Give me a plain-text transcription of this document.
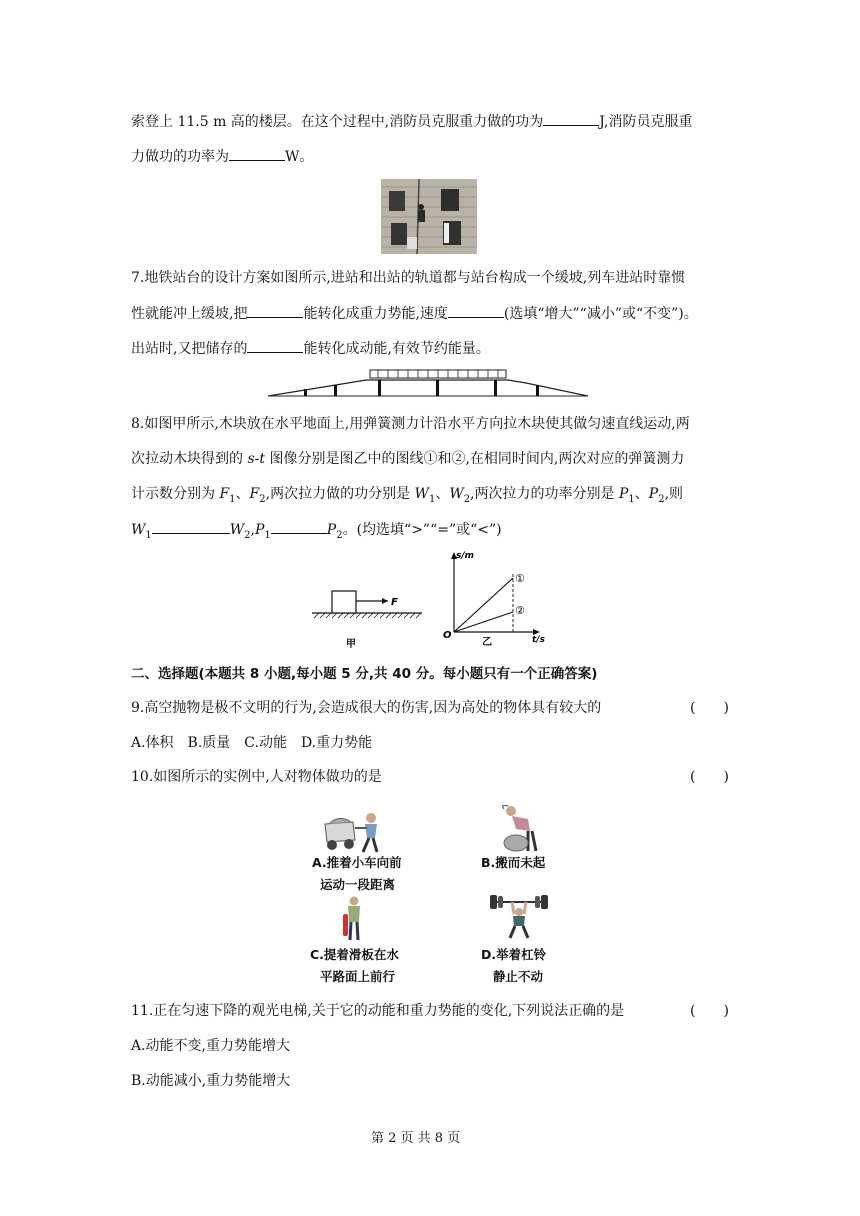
索登上 11.5 m 高的楼层。在这个过程中,消防员克服重力做的功为	J,消防员克服重
力做功的功率为	W。
7.地铁站台的设计方案如图所示,进站和出站的轨道都与站台构成一个缓坡,列车进站时靠惯
性就能冲上缓坡,把	能转化成重力势能,速度	(选填“增大”“减小”或“不变”)。
出站时,又把储存的	能转化成动能,有效节约能量。
8.如图甲所示,木块放在水平地面上,用弹簧测力计沿水平方向拉木块使其做匀速直线运动,两
次拉动木块得到的 s-t 图像分别是图乙中的图线①和②,在相同时间内,两次对应的弹簧测力
计示数分别为 $F_1$、$F_2$,两次拉力做的功分别是 $W_1$、$W_2$,两次拉力的功率分别是 $P_1$、$P_2$,则
$W_1$	$W_2,P_1$	$P_2$。(均选填“>”“=”或“<”)
F
甲
s/m
t/s
O
①
②
乙
二、选择题(本题共 8 小题,每小题 5 分,共 40 分。每小题只有一个正确答案)
9.高空抛物是极不文明的行为,会造成很大的伤害,因为高处的物体具有较大的	(　　)
A.体积　B.质量　C.动能　D.重力势能
10.如图所示的实例中,人对物体做功的是	(　　)
A.推着小车向前
运动一段距离
B.搬而未起
C.提着滑板在水
平路面上前行
D.举着杠铃
静止不动
11.正在匀速下降的观光电梯,关于它的动能和重力势能的变化,下列说法正确的是	(　　)
A.动能不变,重力势能增大
B.动能减小,重力势能增大
第 2 页 共 8 页
